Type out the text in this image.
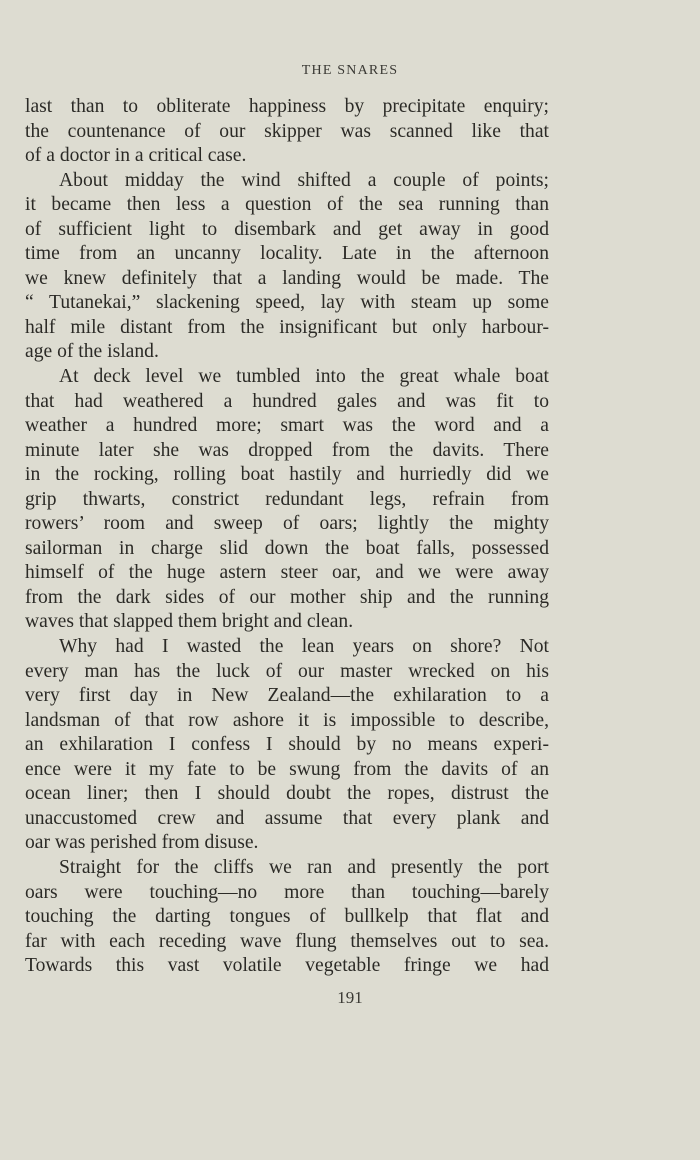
THE SNARES
last than to obliterate happiness by precipitate enquiry;
the countenance of our skipper was scanned like that
of a doctor in a critical case.
About midday the wind shifted a couple of points;
it became then less a question of the sea running than
of sufficient light to disembark and get away in good
time from an uncanny locality. Late in the afternoon
we knew definitely that a landing would be made. The
“ Tutanekai,” slackening speed, lay with steam up some
half mile distant from the insignificant but only harbour-
age of the island.
At deck level we tumbled into the great whale boat
that had weathered a hundred gales and was fit to
weather a hundred more; smart was the word and a
minute later she was dropped from the davits. There
in the rocking, rolling boat hastily and hurriedly did we
grip thwarts, constrict redundant legs, refrain from
rowers’ room and sweep of oars; lightly the mighty
sailorman in charge slid down the boat falls, possessed
himself of the huge astern steer oar, and we were away
from the dark sides of our mother ship and the running
waves that slapped them bright and clean.
Why had I wasted the lean years on shore? Not
every man has the luck of our master wrecked on his
very first day in New Zealand—the exhilaration to a
landsman of that row ashore it is impossible to describe,
an exhilaration I confess I should by no means experi-
ence were it my fate to be swung from the davits of an
ocean liner; then I should doubt the ropes, distrust the
unaccustomed crew and assume that every plank and
oar was perished from disuse.
Straight for the cliffs we ran and presently the port
oars were touching—no more than touching—barely
touching the darting tongues of bullkelp that flat and
far with each receding wave flung themselves out to sea.
Towards this vast volatile vegetable fringe we had
191
